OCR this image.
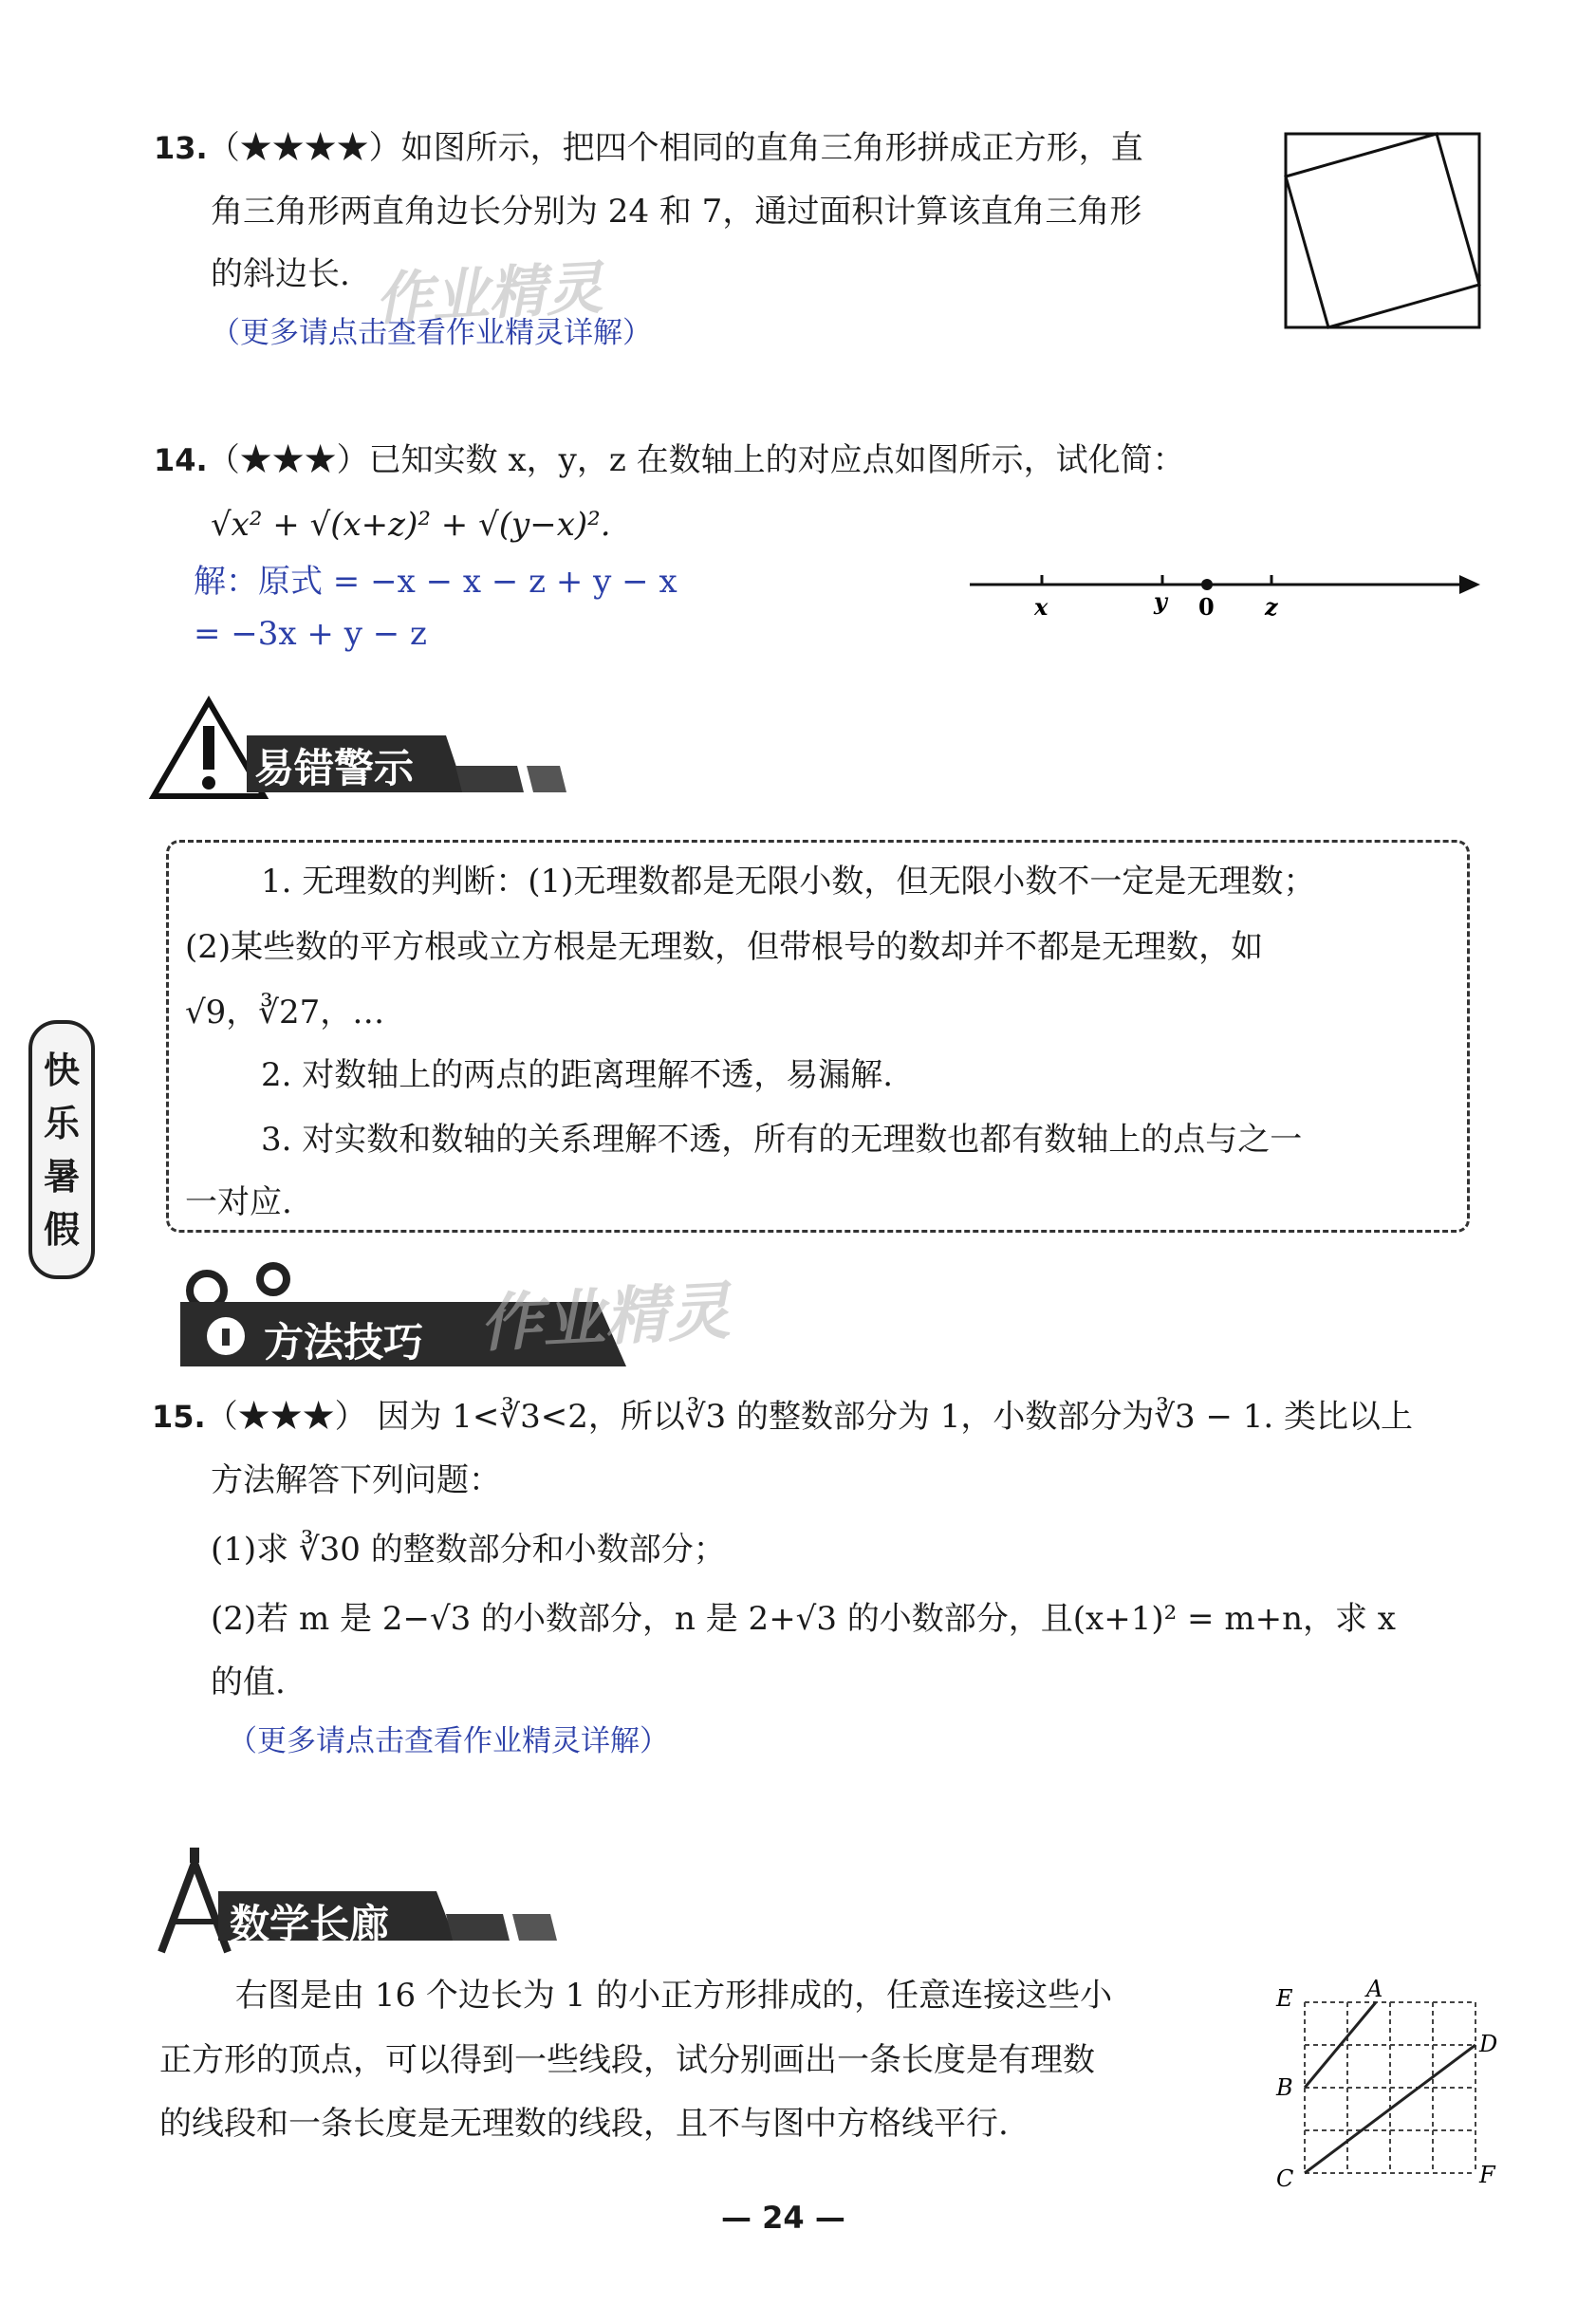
13.（★★★★）如图所示，把四个相同的直角三角形拼成正方形，直
角三角形两直角边长分别为 24 和 7，通过面积计算该直角三角形
的斜边长.
（更多请点击查看作业精灵详解）
作业精灵
14.（★★★）已知实数 x，y，z 在数轴上的对应点如图所示，试化简：
√x² + √(x+z)² + √(y−x)².
解：原式 = −x − x − z + y − x
= −3x + y − z
x	y 0 z
易错警示
1. 无理数的判断：(1)无理数都是无限小数，但无限小数不一定是无理数；
(2)某些数的平方根或立方根是无理数，但带根号的数却并不都是无理数，如
√9，∛27，…
2. 对数轴上的两点的距离理解不透，易漏解.
3. 对实数和数轴的关系理解不透，所有的无理数也都有数轴上的点与之一
一对应.
快
乐
暑
假
方法技巧 作业精灵
15.（★★★） 因为 1<∛3<2，所以∛3 的整数部分为 1，小数部分为∛3 − 1. 类比以上
方法解答下列问题：
(1)求 ∛30 的整数部分和小数部分；
(2)若 m 是 2−√3 的小数部分，n 是 2+√3 的小数部分，且(x+1)² = m+n，求 x
的值.
（更多请点击查看作业精灵详解）
数学长廊
右图是由 16 个边长为 1 的小正方形排成的，任意连接这些小
正方形的顶点，可以得到一些线段，试分别画出一条长度是有理数
的线段和一条长度是无理数的线段，且不与图中方格线平行.
E	A
D
B
C	F
— 24 —
